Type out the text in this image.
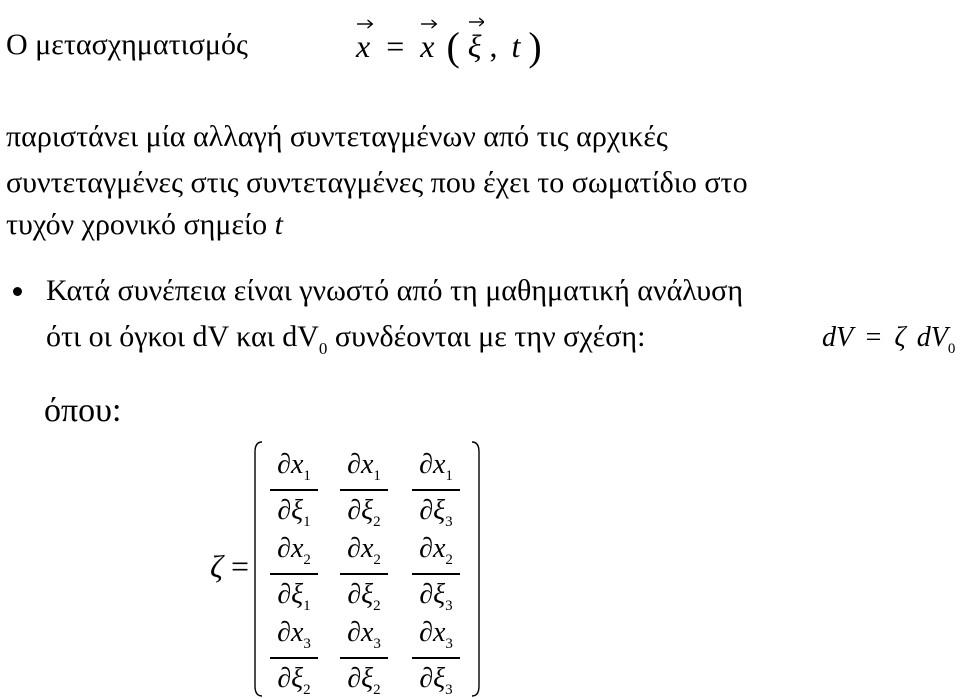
Ο μετασχηματισμός	x = x ( ξ , t )
παριστάνει μία αλλαγή συντεταγμένων από τις αρχικές
συντεταγμένες στις συντεταγμένες που έχει το σωματίδιο στο
τυχόν χρονικό σημείο t
Κατά συνέπεια είναι γνωστό από τη μαθηματική ανάλυση
ότι οι όγκοι dV και $dV_0$ συνδέονται με την σχέση:	dV = ζ $dV_0$
όπου:
ζ =
$\partial x_1$
$\partial\xi_1$
$\partial x_1$
$\partial\xi_2$
$\partial x_1$
$\partial\xi_3$
$\partial x_2$
$\partial\xi_1$
$\partial x_2$
$\partial\xi_2$
$\partial x_2$
$\partial\xi_3$
$\partial x_3$
$\partial\xi_2$
$\partial x_3$
$\partial\xi_2$
$\partial x_3$
$\partial\xi_3$
